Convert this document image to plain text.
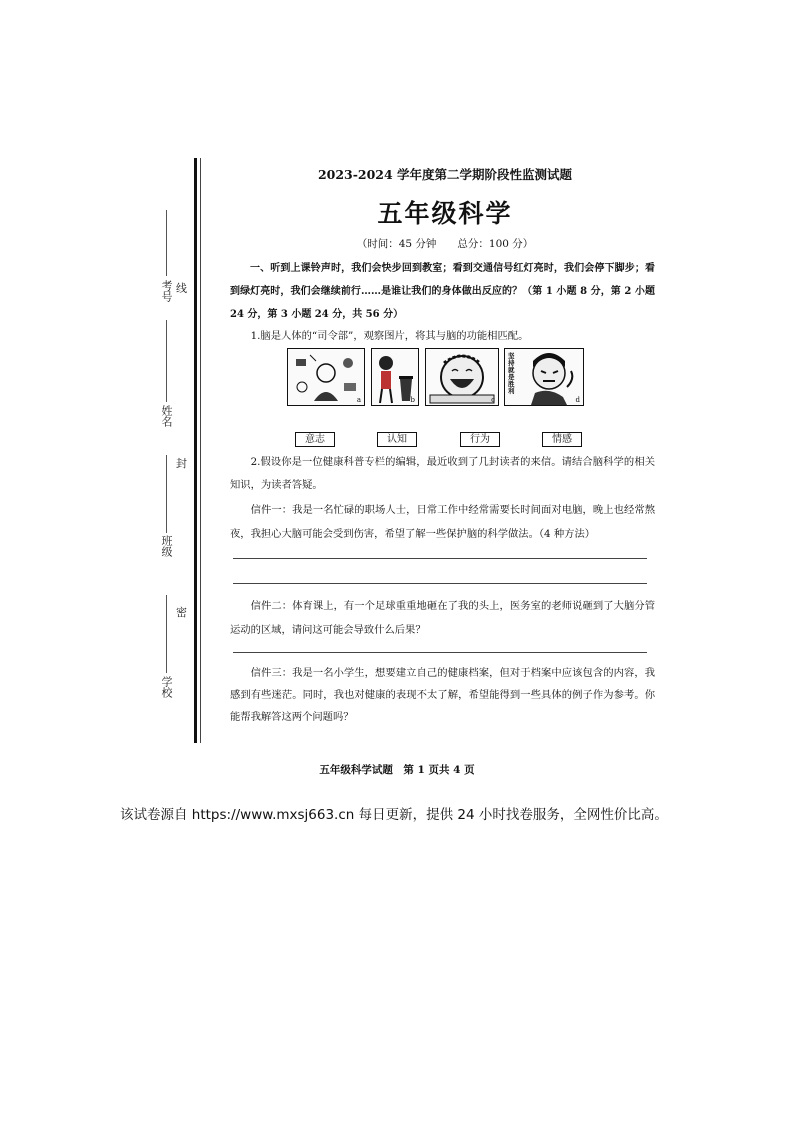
考号
姓名
班级
学校
线
封
密
2023-2024 学年度第二学期阶段性监测试题
五年级科学
（时间：45 分钟　　总分：100 分）
一、听到上课铃声时，我们会快步回到教室；看到交通信号红灯亮时，我们会停下脚步；看到绿灯亮时，我们会继续前行……是谁让我们的身体做出反应的？（第 1 小题 8 分，第 2 小题 24 分，第 3 小题 24 分，共 56 分）
1.脑是人体的“司令部”，观察图片，将其与脑的功能相匹配。
a	b	c
坚持就是胜利
d
意志	认知	行为	情感
2.假设你是一位健康科普专栏的编辑，最近收到了几封读者的来信。请结合脑科学的相关知识，为读者答疑。
信件一：我是一名忙碌的职场人士，日常工作中经常需要长时间面对电脑，晚上也经常熬夜，我担心大脑可能会受到伤害，希望了解一些保护脑的科学做法。（4 种方法）
信件二：体育课上，有一个足球重重地砸在了我的头上，医务室的老师说砸到了大脑分管运动的区域，请问这可能会导致什么后果？
信件三：我是一名小学生，想要建立自己的健康档案，但对于档案中应该包含的内容，我感到有些迷茫。同时，我也对健康的表现不太了解，希望能得到一些具体的例子作为参考。你能帮我解答这两个问题吗？
五年级科学试题　第 1 页共 4 页
该试卷源自 https://www.mxsj663.cn 每日更新，提供 24 小时找卷服务，全网性价比高。
